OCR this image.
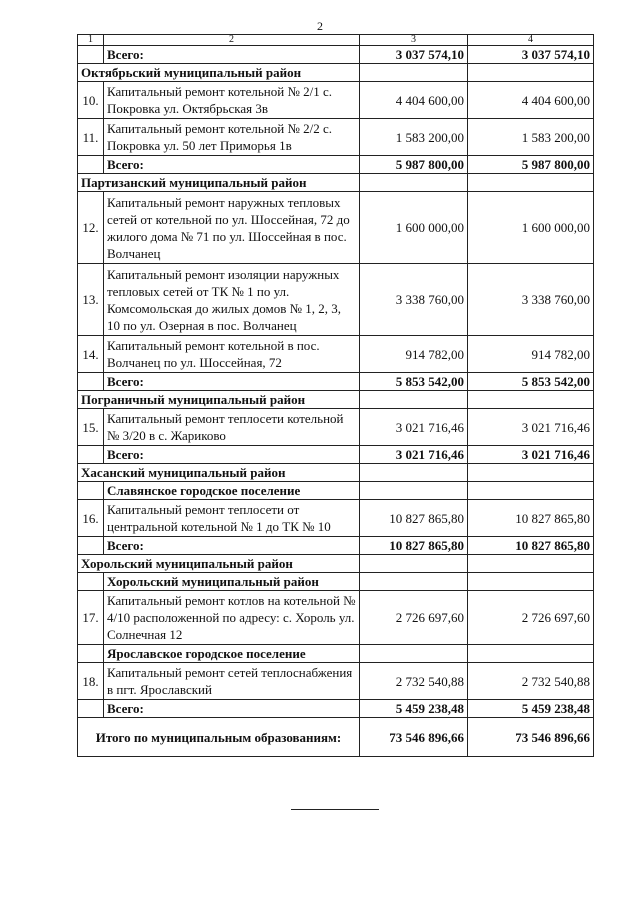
2
1	2	3	4
	Всего:	3 037 574,10	3 037 574,10
Октябрьский муниципальный район			
10.	Капитальный ремонт котельной № 2/1 с. Покровка ул. Октябрьская 3в	4 404 600,00	4 404 600,00
11.	Капитальный ремонт котельной № 2/2 с. Покровка ул. 50 лет Приморья 1в	1 583 200,00	1 583 200,00
	Всего:	5 987 800,00	5 987 800,00
Партизанский муниципальный район			
12.	Капитальный ремонт наружных тепловых сетей от котельной по ул. Шоссейная, 72 до жилого дома № 71 по ул. Шоссейная в пос. Волчанец	1 600 000,00	1 600 000,00
13.	Капитальный ремонт изоляции наружных тепловых сетей от ТК № 1 по ул. Комсомольская до жилых домов № 1, 2, 3, 10 по ул. Озерная в пос. Волчанец	3 338 760,00	3 338 760,00
14.	Капитальный ремонт котельной в пос. Волчанец по ул. Шоссейная, 72	914 782,00	914 782,00
	Всего:	5 853 542,00	5 853 542,00
Пограничный муниципальный район			
15.	Капитальный ремонт теплосети котельной № 3/20 в с. Жариково	3 021 716,46	3 021 716,46
	Всего:	3 021 716,46	3 021 716,46
Хасанский муниципальный район			
	Славянское городское поселение		
16.	Капитальный ремонт теплосети от центральной котельной № 1 до ТК № 10	10 827 865,80	10 827 865,80
	Всего:	10 827 865,80	10 827 865,80
Хорольский муниципальный район			
	Хорольский муниципальный район		
17.	Капитальный ремонт котлов на котельной № 4/10 расположенной по адресу: с. Хороль ул. Солнечная 12	2 726 697,60	2 726 697,60
	Ярославское городское поселение		
18.	Капитальный ремонт сетей теплоснабжения в пгт. Ярославский	2 732 540,88	2 732 540,88
	Всего:	5 459 238,48	5 459 238,48
Итого по муниципальным образованиям:		73 546 896,66	73 546 896,66
